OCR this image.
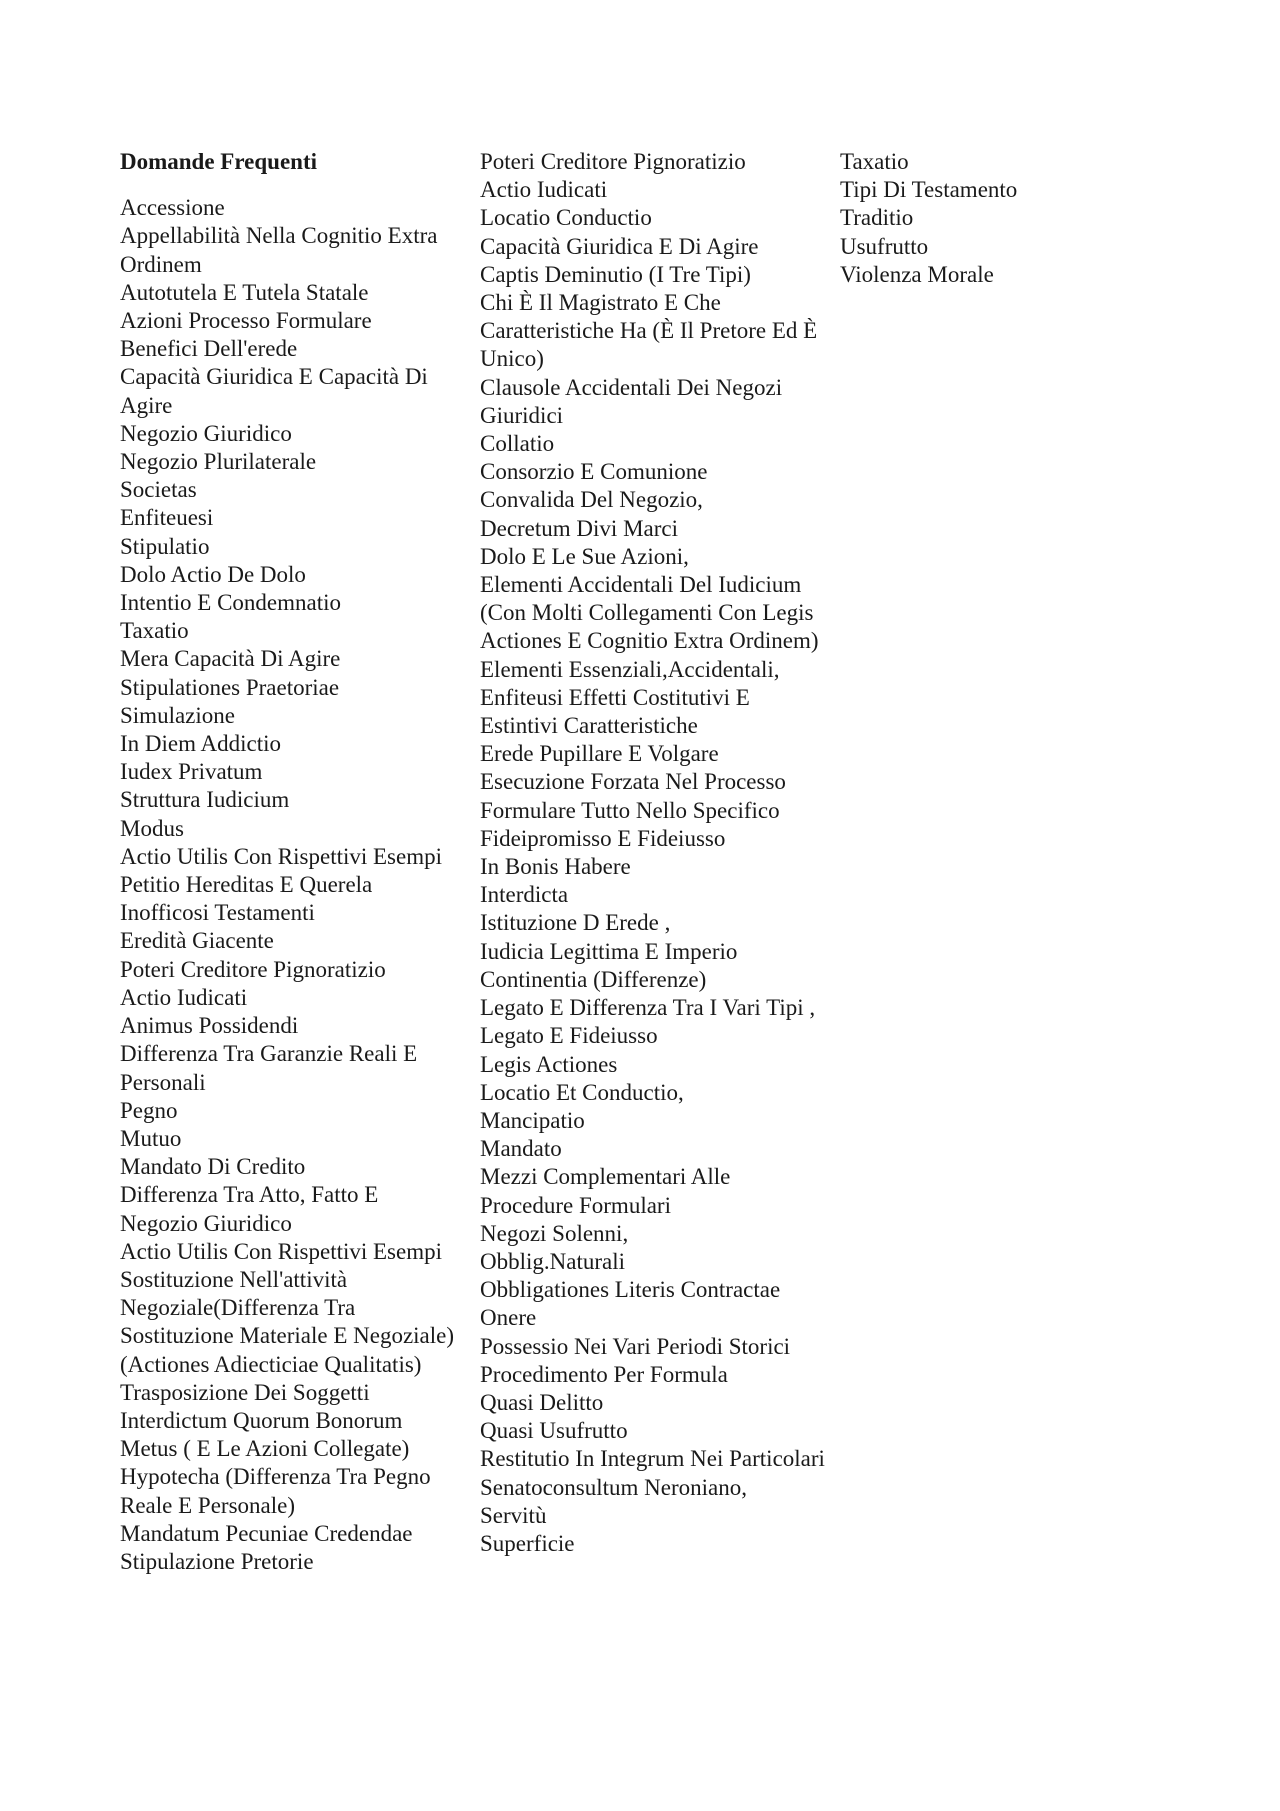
Domande Frequenti
Accessione
Appellabilità Nella Cognitio Extra Ordinem
Autotutela E Tutela Statale
Azioni Processo Formulare
Benefici Dell'erede
Capacità Giuridica E Capacità Di Agire
Negozio Giuridico
Negozio Plurilaterale
Societas
Enfiteuesi
Stipulatio
Dolo Actio De Dolo
Intentio E Condemnatio
Taxatio
Mera Capacità Di Agire
Stipulationes Praetoriae
Simulazione
In Diem Addictio
Iudex Privatum
Struttura Iudicium
Modus
Actio Utilis Con Rispettivi Esempi
Petitio Hereditas E Querela Inofficosi Testamenti
Eredità Giacente
Poteri Creditore Pignoratizio
Actio Iudicati
Animus Possidendi
Differenza Tra Garanzie Reali E Personali
Pegno
Mutuo
Mandato Di Credito
Differenza Tra Atto, Fatto E Negozio Giuridico
Actio Utilis Con Rispettivi Esempi
Sostituzione Nell'attività Negoziale(Differenza Tra Sostituzione Materiale E Negoziale)(Actiones Adiecticiae Qualitatis)
Trasposizione Dei Soggetti
Interdictum Quorum Bonorum
Metus ( E Le Azioni Collegate)
Hypotecha (Differenza Tra Pegno Reale E Personale)
Mandatum Pecuniae Credendae
Stipulazione Pretorie
Poteri Creditore Pignoratizio
Actio Iudicati
Locatio Conductio
Capacità Giuridica E Di Agire
Captis Deminutio (I Tre Tipi)
Chi È Il Magistrato E Che Caratteristiche Ha (È Il Pretore Ed È Unico)
Clausole Accidentali Dei Negozi Giuridici
Collatio
Consorzio E Comunione
Convalida Del Negozio,
Decretum Divi Marci
Dolo E Le Sue Azioni,
Elementi Accidentali Del Iudicium (Con Molti Collegamenti Con Legis Actiones E Cognitio Extra Ordinem)
Elementi Essenziali,Accidentali,
Enfiteusi Effetti Costitutivi E Estintivi Caratteristiche
Erede Pupillare E Volgare
Esecuzione Forzata Nel Processo Formulare Tutto Nello Specifico
Fideipromisso E Fideiusso
In Bonis Habere
Interdicta
Istituzione D Erede ,
Iudicia Legittima E Imperio Continentia (Differenze)
Legato E Differenza Tra I Vari Tipi ,
Legato E Fideiusso
Legis Actiones
Locatio Et Conductio,
Mancipatio
Mandato
Mezzi Complementari Alle Procedure Formulari
Negozi Solenni,
Obblig.Naturali
Obbligationes Literis Contractae
Onere
Possessio Nei Vari Periodi Storici
Procedimento Per Formula
Quasi Delitto
Quasi Usufrutto
Restitutio In Integrum Nei Particolari
Senatoconsultum Neroniano,
Servitù
Superficie
Taxatio
Tipi Di Testamento
Traditio
Usufrutto
Violenza Morale
